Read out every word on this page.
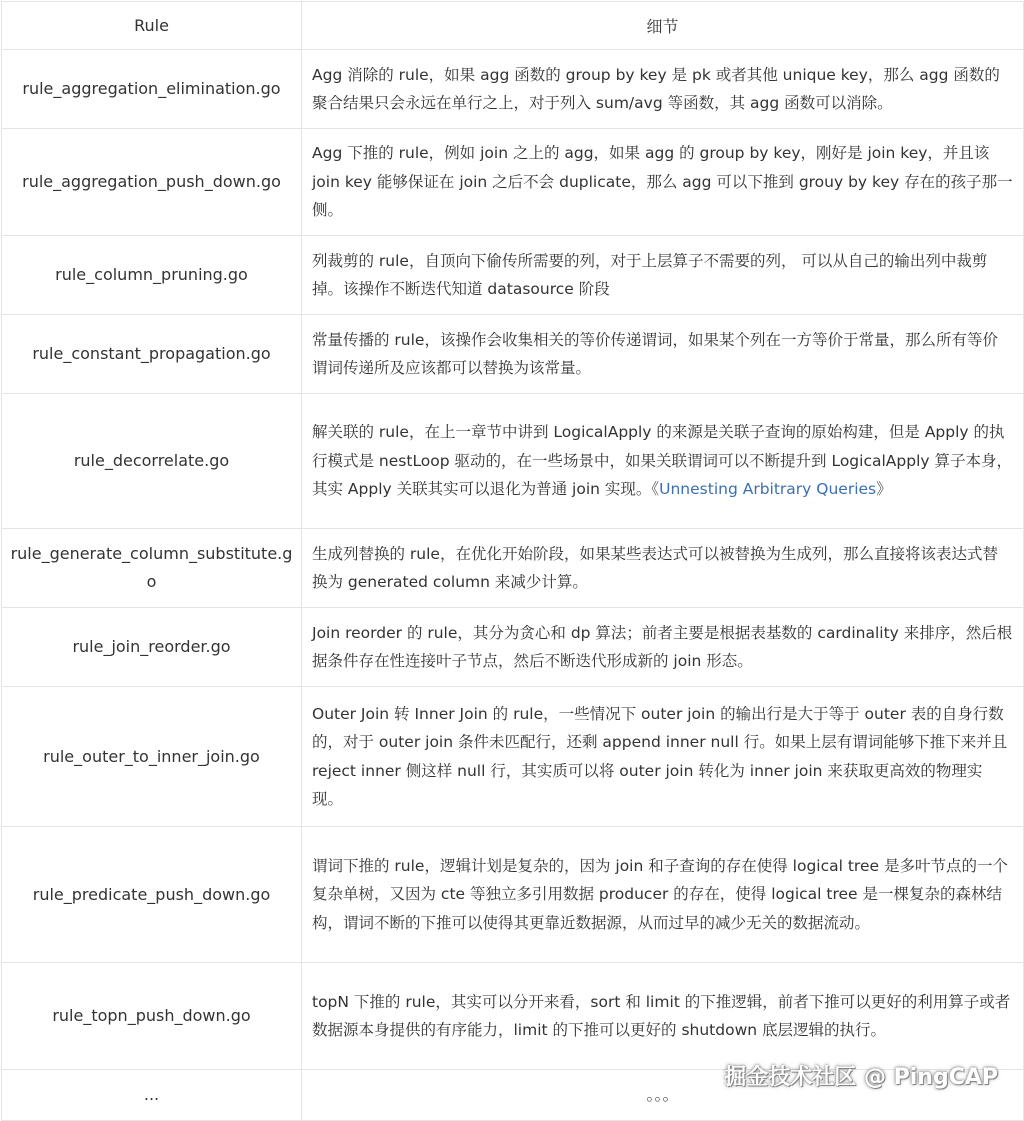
Rule	细节
rule_aggregation_elimination.go	Agg 消除的 rule，如果 agg 函数的 group by key 是 pk 或者其他 unique key，那么 agg 函数的聚合结果只会永远在单行之上，对于列入 sum/avg 等函数，其 agg 函数可以消除。
rule_aggregation_push_down.go	Agg 下推的 rule，例如 join 之上的 agg，如果 agg 的 group by key，刚好是 join key，并且该 join key 能够保证在 join 之后不会 duplicate，那么 agg 可以下推到 grouy by key 存在的孩子那一侧。
rule_column_pruning.go	列裁剪的 rule，自顶向下偷传所需要的列，对于上层算子不需要的列， 可以从自己的输出列中裁剪掉。该操作不断迭代知道 datasource 阶段
rule_constant_propagation.go	常量传播的 rule，该操作会收集相关的等价传递谓词，如果某个列在一方等价于常量，那么所有等价谓词传递所及应该都可以替换为该常量。
rule_decorrelate.go	解关联的 rule，在上一章节中讲到 LogicalApply 的来源是关联子查询的原始构建，但是 Apply 的执行模式是 nestLoop 驱动的，在一些场景中，如果关联谓词可以不断提升到 LogicalApply 算子本身，其实 Apply 关联其实可以退化为普通 join 实现。《Unnesting Arbitrary Queries》
rule_generate_column_substitute.go	生成列替换的 rule，在优化开始阶段，如果某些表达式可以被替换为生成列，那么直接将该表达式替换为 generated column 来减少计算。
rule_join_reorder.go	Join reorder 的 rule，其分为贪心和 dp 算法；前者主要是根据表基数的 cardinality 来排序，然后根据条件存在性连接叶子节点，然后不断迭代形成新的 join 形态。
rule_outer_to_inner_join.go	Outer Join 转 Inner Join 的 rule，一些情况下 outer join 的输出行是大于等于 outer 表的自身行数的，对于 outer join 条件未匹配行，还剩 append inner null 行。如果上层有谓词能够下推下来并且 reject inner 侧这样 null 行，其实质可以将 outer join 转化为 inner join 来获取更高效的物理实现。
rule_predicate_push_down.go	谓词下推的 rule，逻辑计划是复杂的，因为 join 和子查询的存在使得 logical tree 是多叶节点的一个复杂单树，又因为 cte 等独立多引用数据 producer 的存在，使得 logical tree 是一棵复杂的森林结构，谓词不断的下推可以使得其更靠近数据源，从而过早的减少无关的数据流动。
rule_topn_push_down.go	topN 下推的 rule，其实可以分开来看，sort 和 limit 的下推逻辑，前者下推可以更好的利用算子或者数据源本身提供的有序能力，limit 的下推可以更好的 shutdown 底层逻辑的执行。
...	。。。
掘金技术社区 @ PingCAP
